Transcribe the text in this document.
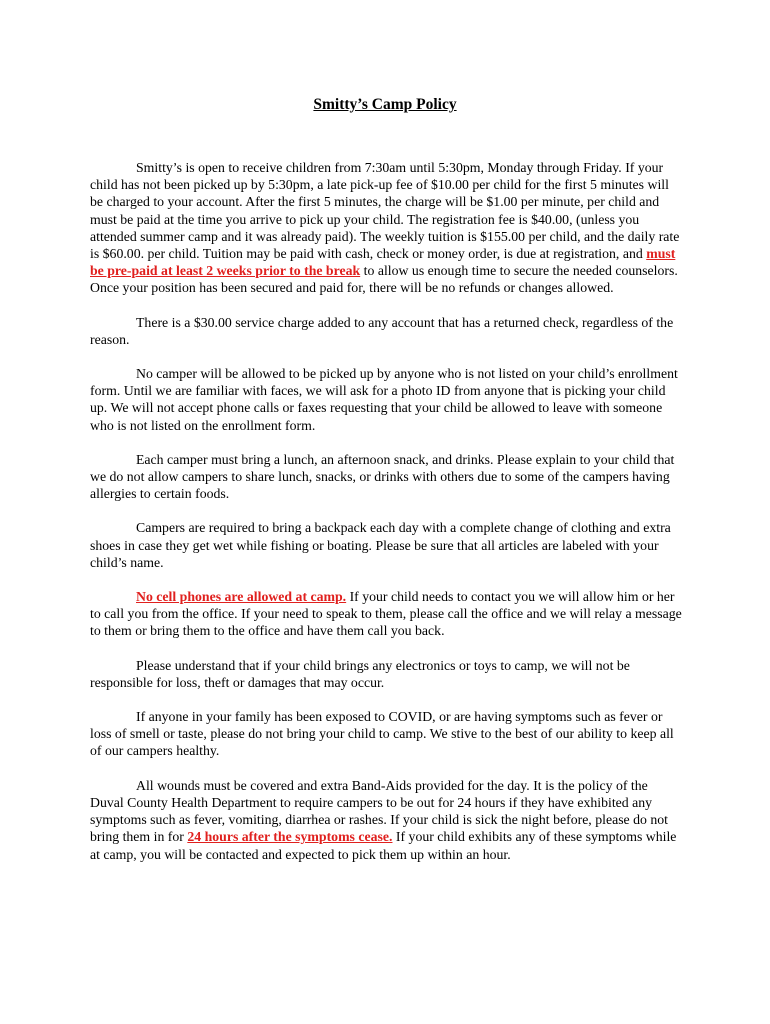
Smitty’s Camp Policy

Smitty’s is open to receive children from 7:30am until 5:30pm, Monday through Friday. If your child has not been picked up by 5:30pm, a late pick-up fee of $10.00 per child for the first 5 minutes will be charged to your account. After the first 5 minutes, the charge will be $1.00 per minute, per child and must be paid at the time you arrive to pick up your child. The registration fee is $40.00, (unless you attended summer camp and it was already paid). The weekly tuition is $155.00 per child, and the daily rate is $60.00. per child. Tuition may be paid with cash, check or money order, is due at registration, and must be pre-paid at least 2 weeks prior to the break to allow us enough time to secure the needed counselors. Once your position has been secured and paid for, there will be no refunds or changes allowed.

There is a $30.00 service charge added to any account that has a returned check, regardless of the reason.

No camper will be allowed to be picked up by anyone who is not listed on your child’s enrollment form. Until we are familiar with faces, we will ask for a photo ID from anyone that is picking your child up. We will not accept phone calls or faxes requesting that your child be allowed to leave with someone who is not listed on the enrollment form.

Each camper must bring a lunch, an afternoon snack, and drinks. Please explain to your child that we do not allow campers to share lunch, snacks, or drinks with others due to some of the campers having allergies to certain foods.

Campers are required to bring a backpack each day with a complete change of clothing and extra shoes in case they get wet while fishing or boating. Please be sure that all articles are labeled with your child’s name.

No cell phones are allowed at camp. If your child needs to contact you we will allow him or her to call you from the office. If your need to speak to them, please call the office and we will relay a message to them or bring them to the office and have them call you back.

Please understand that if your child brings any electronics or toys to camp, we will not be responsible for loss, theft or damages that may occur.

If anyone in your family has been exposed to COVID, or are having symptoms such as fever or loss of smell or taste, please do not bring your child to camp. We stive to the best of our ability to keep all of our campers healthy.

All wounds must be covered and extra Band-Aids provided for the day. It is the policy of the Duval County Health Department to require campers to be out for 24 hours if they have exhibited any symptoms such as fever, vomiting, diarrhea or rashes. If your child is sick the night before, please do not bring them in for 24 hours after the symptoms cease. If your child exhibits any of these symptoms while at camp, you will be contacted and expected to pick them up within an hour.
